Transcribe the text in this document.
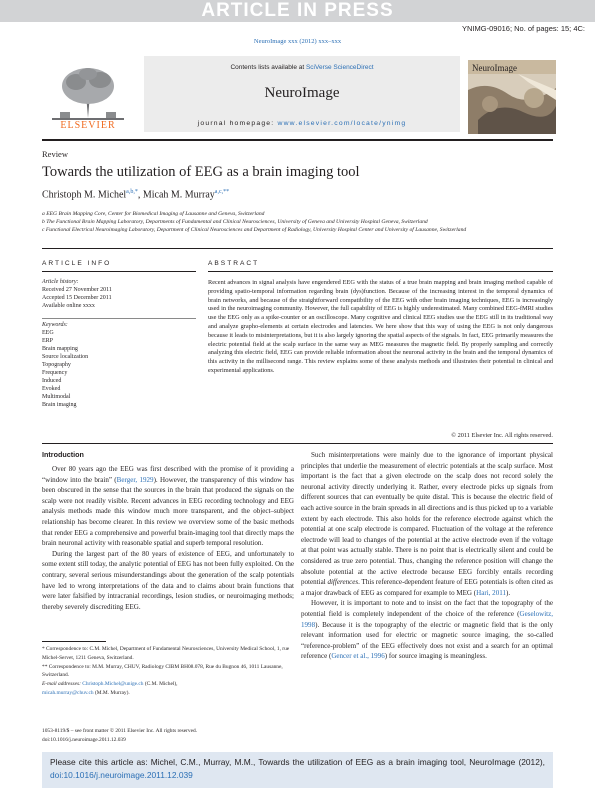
ARTICLE IN PRESS
YNIMG-09016; No. of pages: 15; 4C:
NeuroImage xxx (2012) xxx–xxx
ELSEVIER
Contents lists available at SciVerse ScienceDirect
NeuroImage
journal homepage: www.elsevier.com/locate/ynimg
NeuroImage
Review
Towards the utilization of EEG as a brain imaging tool
Christoph M. Michel$^{a,b,*}$, Micah M. Murray$^{a,c,**}$
a EEG Brain Mapping Core, Center for Biomedical Imaging of Lausanne and Geneva, Switzerland
b The Functional Brain Mapping Laboratory, Departments of Fundamental and Clinical Neurosciences, University of Geneva and University Hospital Geneva, Switzerland
c Functional Electrical Neuroimaging Laboratory, Department of Clinical Neurosciences and Department of Radiology, University Hospital Center and University of Lausanne, Switzerland
ARTICLE INFO
Article history:
Received 27 November 2011
Accepted 15 December 2011
Available online xxxx
Keywords:
EEG
ERP
Brain mapping
Source localization
Topography
Frequency
Induced
Evoked
Multimodal
Brain imaging
ABSTRACT
Recent advances in signal analysis have engendered EEG with the status of a true brain mapping and brain imaging method capable of providing spatio-temporal information regarding brain (dys)function. Because of the increasing interest in the temporal dynamics of brain networks, and because of the straightforward compatibility of the EEG with other brain imaging techniques, EEG is increasingly used in the neuroimaging community. However, the full capability of EEG is highly underestimated. Many combined EEG-fMRI studies use the EEG only as a spike-counter or an oscilloscope. Many cognitive and clinical EEG studies use the EEG still in its traditional way and analyze grapho-elements at certain electrodes and latencies. We here show that this way of using the EEG is not only dangerous because it leads to misinterpretations, but it is also largely ignoring the spatial aspects of the signals. In fact, EEG primarily measures the electric potential field at the scalp surface in the same way as MEG measures the magnetic field. By properly sampling and correctly analyzing this electric field, EEG can provide reliable information about the neuronal activity in the brain and the temporal dynamics of this activity in the millisecond range. This review explains some of these analysis methods and illustrates their potential in clinical and experimental applications.
© 2011 Elsevier Inc. All rights reserved.
Introduction

Over 80 years ago the EEG was first described with the promise of it providing a “window into the brain” (Berger, 1929). However, the transparency of this window has been obscured in the sense that the sources in the brain that produced the signals on the scalp were not readily visible. Recent advances in EEG recording technology and EEG analysis methods made this window much more transparent, and the object–subject relationship has become clearer. In this review we overview some of the basic methods that render EEG a comprehensive and powerful brain-imaging tool that directly maps the brain neuronal activity with reasonable spatial and superb temporal resolution.

During the largest part of the 80 years of existence of EEG, and unfortunately to some extent still today, the analytic potential of EEG has not been fully exploited. On the contrary, several serious misunderstandings about the generation of the scalp potentials have led to wrong interpretations of the data and to claims about brain functions that were later falsified by intracranial recordings, lesion studies, or neuroimaging methods; thereby severely discrediting EEG.

Such misinterpretations were mainly due to the ignorance of important physical principles that underlie the measurement of electric potentials at the scalp surface. Most important is the fact that a given electrode on the scalp does not record solely the neuronal activity directly underlying it. Rather, every electrode picks up signals from different sources that can eventually be quite distal. This is because the electric field of each active source in the brain spreads in all directions and is thus picked up to a variable extent by each electrode. This also holds for the reference electrode against which the potential at one scalp electrode is compared. Fluctuation of the voltage at the reference electrode will lead to changes of the potential at the active electrode even if the voltage at that point was actually stable. There is no point that is electrically silent and could be considered as true zero potential. Thus, changing the reference position will change the absolute potential at the active electrode because EEG forcibly entails recording potential differences. This reference-dependent feature of EEG potentials is often cited as a major drawback of EEG as compared for example to MEG (Hari, 2011).

However, it is important to note and to insist on the fact that the topography of the potential field is completely independent of the choice of the reference (Geselowitz, 1998). Because it is the topography of the electric or magnetic field that is the only relevant information used for electric or magnetic source imaging, the so-called “reference-problem” of the EEG effectively does not exist and a search for an optimal reference (Gencer et al., 1996) for source imaging is meaningless.

* Correspondence to: C.M. Michel, Department of Fundamental Neurosciences, University Medical School, 1, rue Michel-Servet, 1211 Geneva, Switzerland.
** Correspondence to: M.M. Murray, CHUV, Radiology CIBM BH08.078, Rue du Bugnon 46, 1011 Lausanne, Switzerland.
E-mail addresses: Christoph.Michel@unige.ch (C.M. Michel),
micah.murray@chuv.ch (M.M. Murray).
1053-8119/$ – see front matter © 2011 Elsevier Inc. All rights reserved.
doi:10.1016/j.neuroimage.2011.12.039
Please cite this article as: Michel, C.M., Murray, M.M., Towards the utilization of EEG as a brain imaging tool, NeuroImage (2012), doi:10.1016/j.neuroimage.2011.12.039
